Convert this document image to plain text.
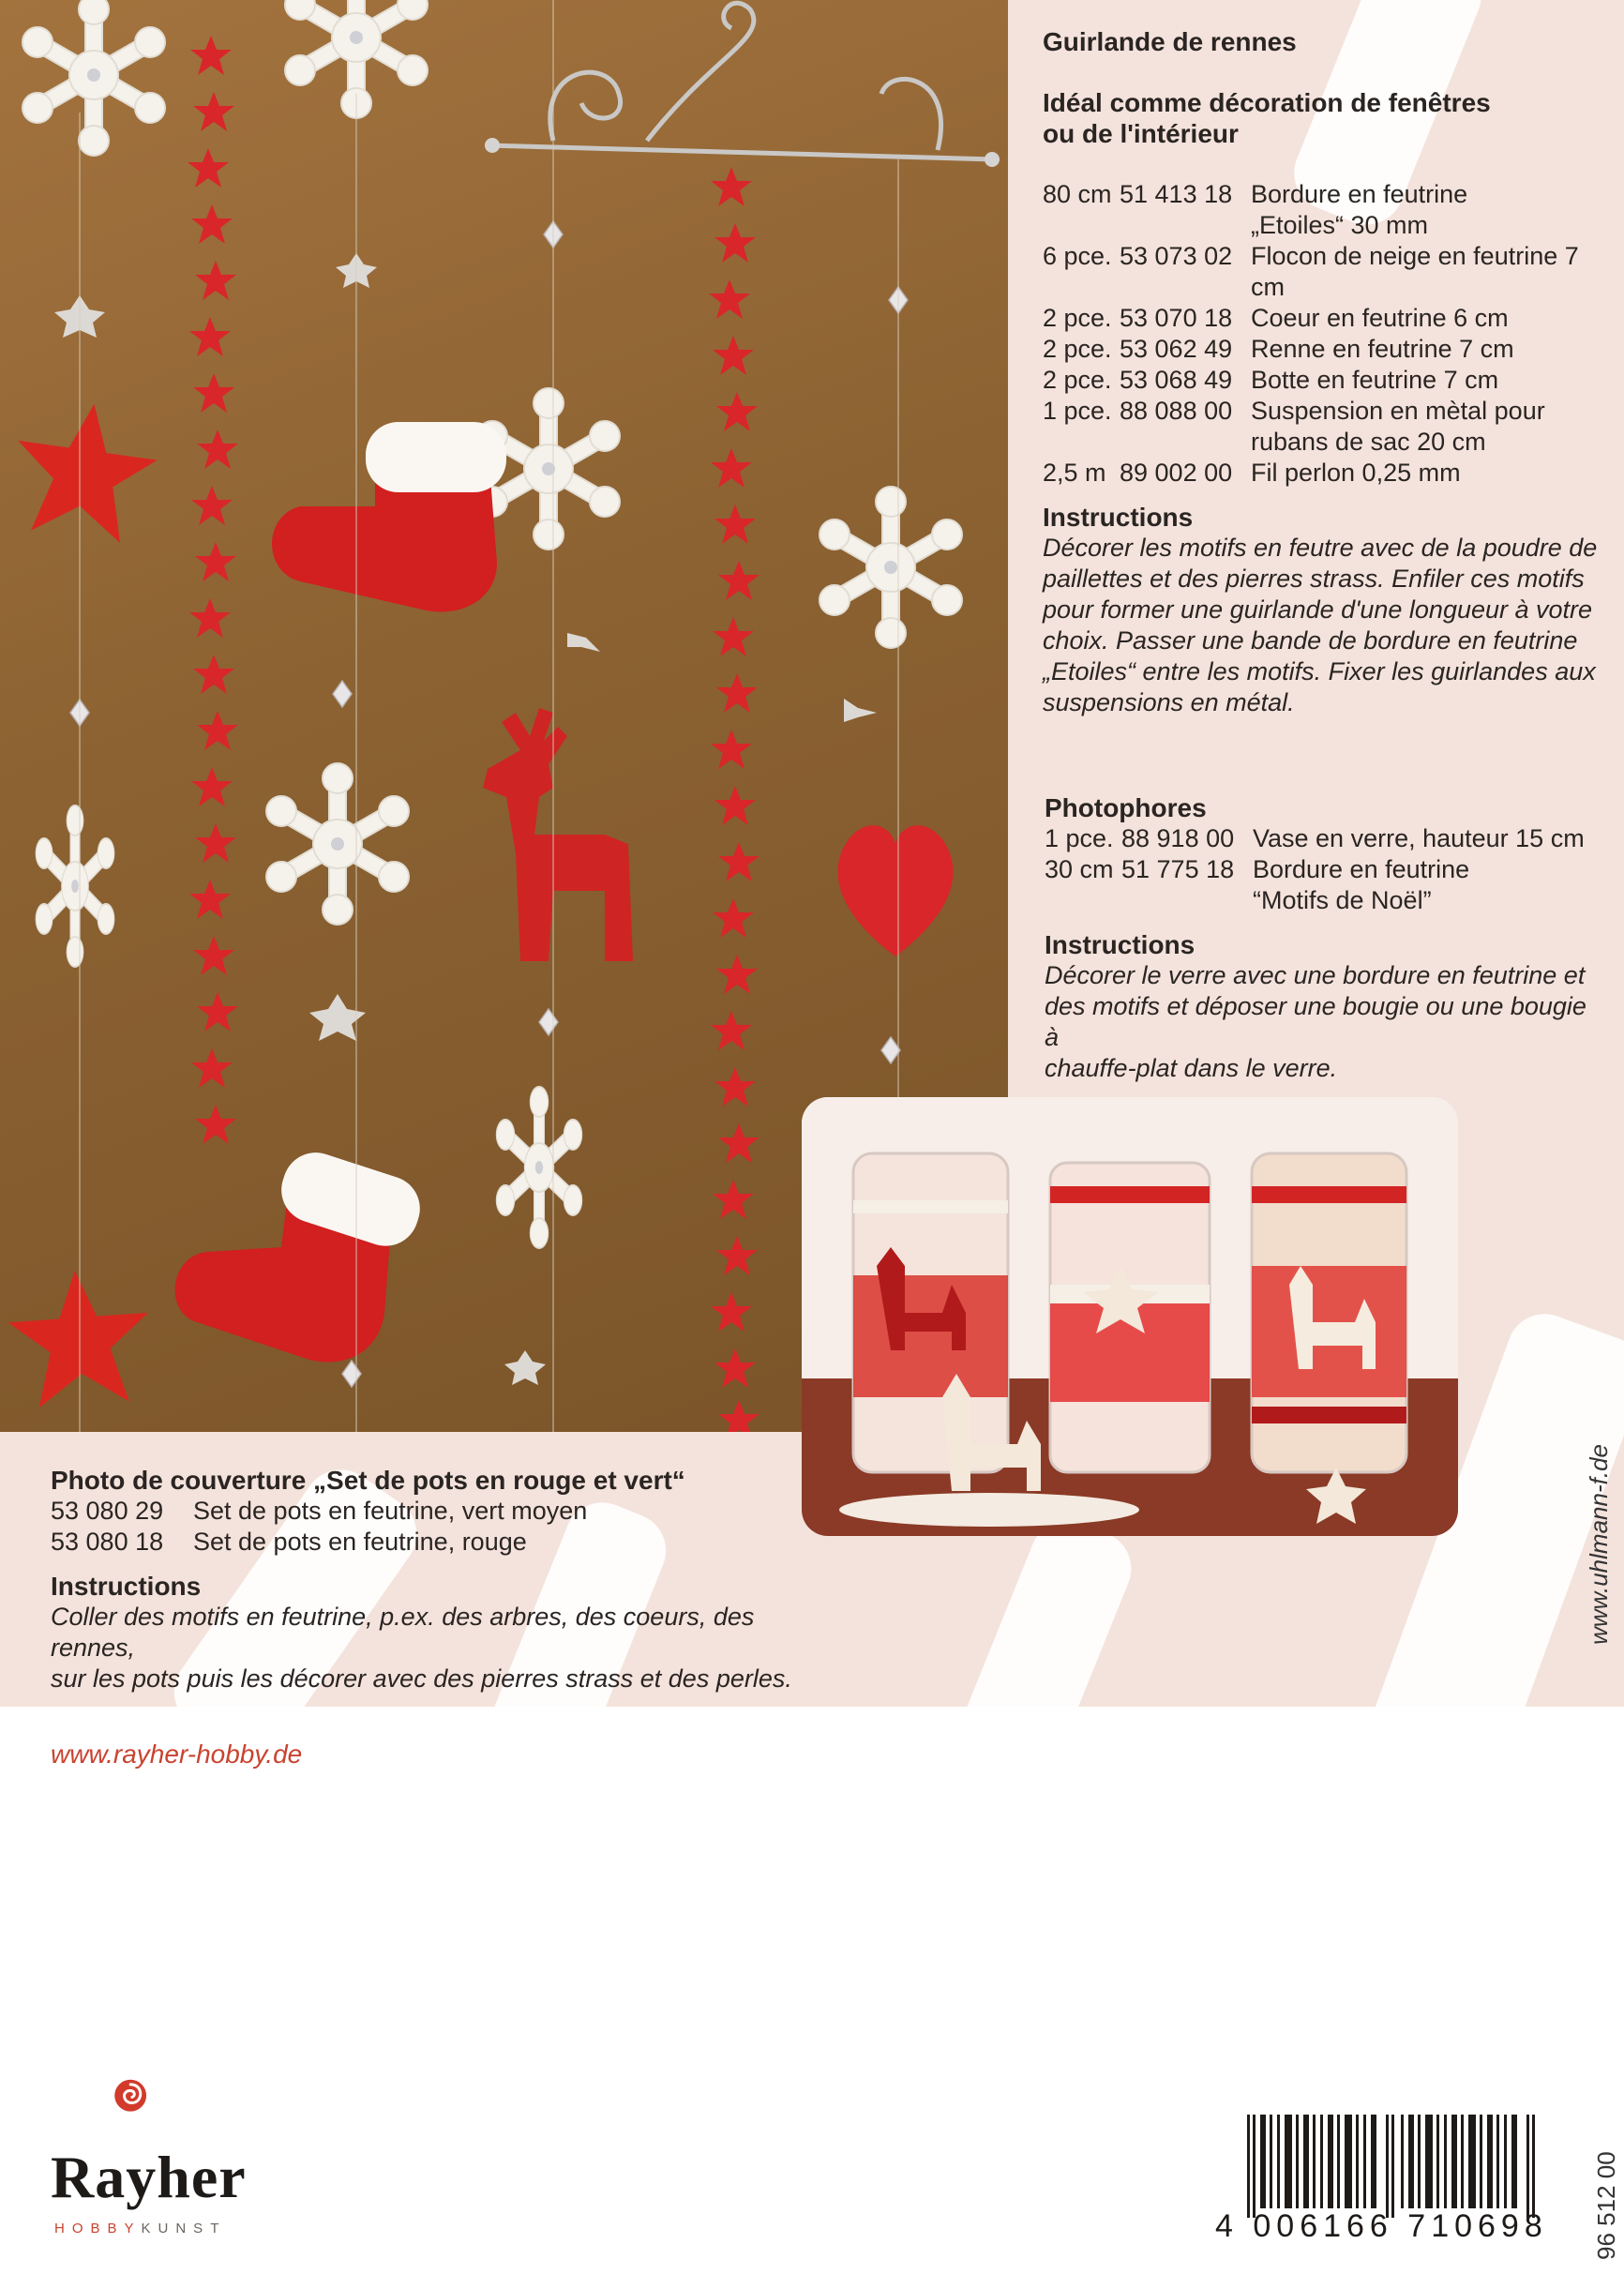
Guirlande de rennes
Idéal comme décoration de fenêtres
ou de l'intérieur
80 cm	51 413 18	Bordure en feutrine
„Etoiles“ 30 mm

6 pce.	53 073 02	Flocon de neige en feutrine 7 cm
2 pce.	53 070 18	Coeur en feutrine 6 cm
2 pce.	53 062 49	Renne en feutrine 7 cm
2 pce.	53 068 49	Botte en feutrine 7 cm
1 pce.	88 088 00	Suspension en mètal pour
rubans de sac 20 cm

2,5 m	89 002 00	Fil perlon 0,25 mm
Instructions
Décorer les motifs en feutre avec de la poudre de
paillettes et des pierres strass. Enfiler ces motifs
pour former une guirlande d'une longueur à votre
choix. Passer une bande de bordure en feutrine
„Etoiles“ entre les motifs. Fixer les guirlandes aux
suspensions en métal.
Photophores
1 pce.	88 918 00	Vase en verre, hauteur 15 cm
30 cm	51 775 18	Bordure en feutrine
“Motifs de Noël”
Instructions
Décorer le verre avec une bordure en feutrine et
des motifs et déposer une bougie ou une bougie à
chauffe-plat dans le verre.
Photo de couverture „Set de pots en rouge et vert“
53 080 29	Set de pots en feutrine, vert moyen
53 080 18	Set de pots en feutrine, rouge
Instructions
Coller des motifs en feutrine, p.ex. des arbres, des coeurs, des rennes,
sur les pots puis les décorer avec des pierres strass et des perles.
www.rayher-hobby.de
www.uhlmann-f.de
Rayher
HOBBYKUNST	4 006166 710698 96 512 00
